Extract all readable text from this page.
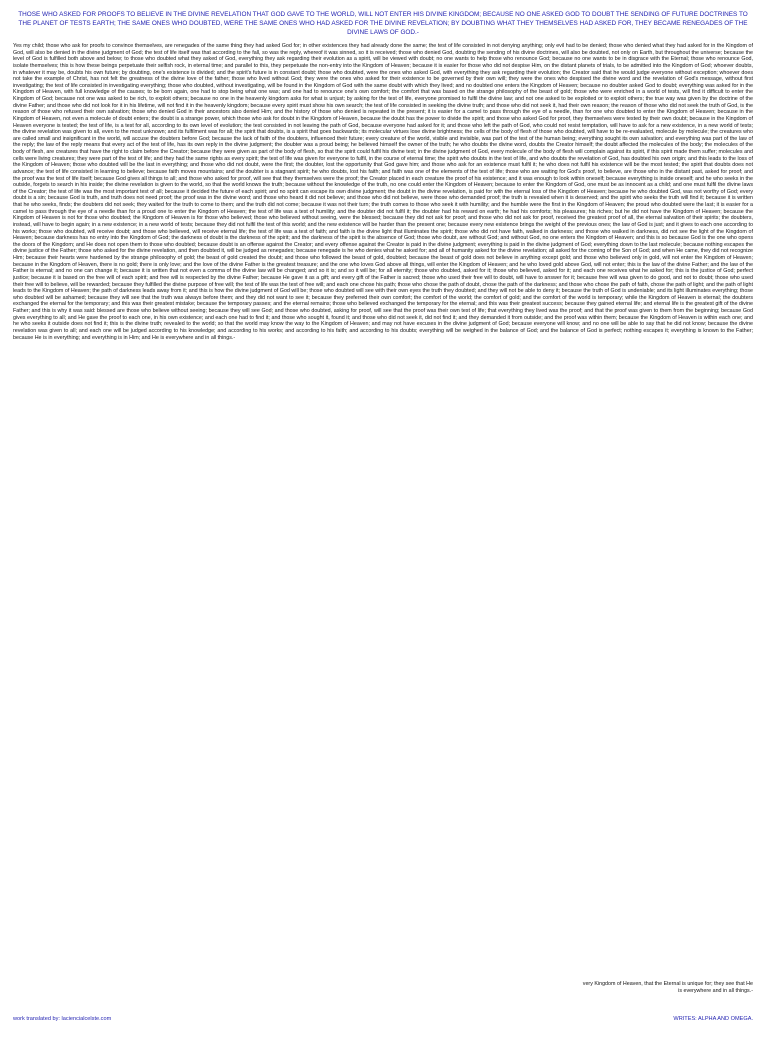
THOSE WHO ASKED FOR PROOFS TO BELIEVE IN THE DIVINE REVELATION THAT GOD GAVE TO THE WORLD, WILL NOT ENTER HIS DIVINE KINGDOM; BECAUSE NO ONE ASKED GOD TO DOUBT THE SENDING OF FUTURE DOCTRINES TO THE PLANET OF TESTS EARTH; THE SAME ONES WHO DOUBTED, WERE THE SAME ONES WHO HAD ASKED FOR THE DIVINE REVELATION; BY DOUBTING WHAT THEY THEMSELVES HAD ASKED FOR, THEY BECAME RENEGADES OF THE DIVINE LAWS OF GOD.-

Yes my child; those who ask for proofs to convince themselves, are renegades of the same thing they had asked God for; in other existences they had already done the same; the test of life consisted in not denying anything; only evil had to be denied; those who denied what they had asked for in the Kingdom of God, will also be denied in the divine judgment of God; the test of life itself was that according to the fall, so was the reply, whereof it was sinned, so it is received; those who denied God, doubting the sending of his divine doctrines, will also be doubted, not only on Earth, but throughout the universe; because the level of God is fulfilled both above and below; to those who doubted what they asked of God, everything they ask regarding their evolution as a spirit, will be viewed with doubt; no one wants to help those who renounce God; because no one wants to be in disgrace with the Eternal; those who renounce God, isolate themselves; this is how these beings perpetuate their selfish rock, in eternal time; and parallel to this, they perpetuate the non-entry into the Kingdom of Heaven; because it is easier for those who did not despise Him, on the distant planets of trials, to be admitted into the Kingdom of God; whoever doubts, in whatever it may be, doubts his own future; by doubting, one's existence is divided; and the spirit's future is in constant doubt; those who doubted, were the ones who asked God, with everything they ask regarding their evolution; the Creator said that he would judge everyone without exception; whoever does not take the example of Christ, has not felt the greatness of the divine love of the father; those who lived without God; they were the ones who asked for their existence to be governed by their own will; they were the ones who despised the divine word and the revelation of God's message, without first investigating; the test of life consisted in investigating everything; those who doubted, without investigating, will be found in the Kingdom of God with the same doubt with which they lived; and no doubted one enters the Kingdom of Heaven; because no doubter asked God to doubt; everything was asked for in the Kingdom of Heaven, with full knowledge of the causes; to be born again, one had to stop being what one was; and one had to renounce one's own comfort; the comfort that was based on the strange philosophy of the beast of gold; those who were enriched in a world of tests, will find it difficult to enter the Kingdom of God; because not one was asked to be rich, to exploit others; because no one in the heavenly kingdom asks for what is unjust; by asking for the test of life, everyone promised to fulfil the divine law; and not one asked to be exploited or to exploit others; the true way was given by the doctrine of the divine Father; and those who did not look for it in his lifetime, will not find it in the heavenly kingdom; because every spirit must show his own search; the test of life consisted in seeking the divine truth; and those who did not seek it, had their own reason; the reason of those who did not seek the truth of God, is the reason of those who refused their own salvation; those who denied God in their ancestors also denied Him; and the history of those who denied is repeated in the present; it is easier for a camel to pass through the eye of a needle, than for one who doubted to enter the Kingdom of Heaven; because in the Kingdom of Heaven, not even a molecule of doubt enters; the doubt is a strange power, which those who ask for doubt in the Kingdom of Heaven, because the doubt has the power to divide the spirit; and those who asked God for proof, they themselves were tested by their own doubt; because in the Kingdom of Heaven everyone is tested; the test of life, is a test for all, according to its own level of evolution; the test consisted in not leaving the path of God, because everyone had asked for it; and those who left the path of God, who could not resist temptation, will have to ask for a new existence, in a new world of tests; the divine revelation was given to all, even to the most unknown; and its fulfilment was for all; the spirit that doubts, is a spirit that goes backwards; its molecular virtues lose divine brightness; the cells of the body of flesh of those who doubted, will have to be re-evaluated, molecule by molecule; the creatures who are called small and insignificant in the world, will accuse the doubters before God; because the lack of faith of the doubters, influenced their future; every creature of the world, visible and invisible, was part of the test of the human being; everything sought its own salvation; and everything was part of the law of the reply; the law of the reply means that every act of the test of life, has its own reply in the divine judgment; the doubter was a proud being; he believed himself the owner of the truth; he who doubts the divine word, doubts the Creator himself; the doubt affected the molecules of the body; the molecules of the body of flesh, are creatures that have the right to claim before the Creator; because they were given as part of the body of flesh, so that the spirit could fulfil his divine test; in the divine judgment of God, every molecule of the body of flesh will complain against its spirit, if this spirit made them suffer; molecules and cells were living creatures; they were part of the test of life; and they had the same rights as every spirit; the test of life was given for everyone to fulfil, in the course of eternal time; the spirit who doubts in the test of life, and who doubts the revelation of God, has doubted his own origin; and this leads to the loss of the Kingdom of Heaven; those who doubted will be the last in everything; and those who did not doubt, were the first; the doubter, lost the opportunity that God gave him; and those who ask for an existence must fulfil it; he who does not fulfil his existence will be the most tested; the spirit that doubts does not advance; the test of life consisted in learning to believe; because faith moves mountains; and the doubter is a stagnant spirit; he who doubts, lost his faith; and faith was one of the elements of the test of life; those who are waiting for God's proof, to believe, are those who in the distant past, asked for proof; and the proof was the test of life itself; because God gives all things to all; and those who asked for proof, will see that they themselves were the proof; the Creator placed in each creature the proof of his existence; and it was enough to look within oneself; because everything is inside oneself; and he who seeks in the outside, forgets to search in his inside; the divine revelation is given to the world, so that the world knows the truth; because without the knowledge of the truth, no one could enter the Kingdom of Heaven; because to enter the Kingdom of God, one must be as innocent as a child; and one must fulfil the divine laws of the Creator; the test of life was the most important test of all; because it decided the future of each spirit; and no spirit can escape its own divine judgment; the doubt in the divine revelation, is paid for with the eternal loss of the Kingdom of Heaven; because he who doubted God, was not worthy of God; every doubt is a sin; because God is truth, and truth does not need proof; the proof was in the divine word; and those who heard it did not believe; and those who did not believe, were those who demanded proof; the truth is revealed when it is deserved; and the spirit who seeks the truth will find it; because it is written that he who seeks, finds; the doubters did not seek; they waited for the truth to come to them; and the truth did not come; because it was not their turn; the truth comes to those who seek it with humility; and the humble were the first in the Kingdom of Heaven; the proud who doubted were the last; it is easier for a camel to pass through the eye of a needle than for a proud one to enter the Kingdom of Heaven; the test of life was a test of humility; and the doubter did not fulfil it; the doubter had his reward on earth; he had his comforts; his pleasures; his riches; but he did not have the Kingdom of Heaven; because the Kingdom of Heaven is not for those who doubted; the Kingdom of Heaven is for those who believed; those who believed without seeing, were the blessed; because they did not ask for proof; and those who did not ask for proof, received the greatest proof of all, the eternal salvation of their spirits; the doubters, instead, will have to begin again; in a new existence; in a new world of tests; because they did not fulfil the test of this world; and the new existence will be harder than the present one; because every new existence brings the weight of the previous ones; the law of God is just; and it gives to each one according to his works; those who doubted, will receive doubt; and those who believed, will receive eternal life; the test of life was a test of faith; and faith is the divine light that illuminates the spirit; those who did not have faith, walked in darkness; and those who walked in darkness, did not see the light of the Kingdom of Heaven; because darkness has no entry into the Kingdom of God; the darkness of doubt is the darkness of the spirit; and the darkness of the spirit is the absence of God; those who doubt, are without God; and without God, no one enters the Kingdom of Heaven; and this is so because God is the one who opens the doors of the Kingdom; and He does not open them to those who doubted; because doubt is an offense against the Creator; and every offense against the Creator is paid in the divine judgment; everything is paid in the divine judgment of God; everything down to the last molecule; because nothing escapes the divine justice of the Father; those who asked for the divine revelation, and then doubted it, will be judged as renegades; because renegade is he who denies what he asked for; and all of humanity asked for the divine revelation; all asked for the coming of the Son of God; and when He came, they did not recognize Him; because their hearts were hardened by the strange philosophy of gold; the beast of gold created the doubt; and those who followed the beast of gold, doubted; because the beast of gold does not believe in anything except gold; and those who believed only in gold, will not enter the Kingdom of Heaven; because in the Kingdom of Heaven, there is no gold; there is only love; and the love of the divine Father is the greatest treasure; and the one who loves God above all things, will enter the Kingdom of Heaven; and he who loved gold above God, will not enter; this is the law of the divine Father; and the law of the Father is eternal; and no one can change it; because it is written that not even a comma of the divine law will be changed; and so it is; and so it will be; for all eternity; those who doubted, asked for it; those who believed, asked for it; and each one receives what he asked for; this is the justice of God; perfect justice; because it is based on the free will of each spirit; and free will is respected by the divine Father; because He gave it as a gift; and every gift of the Father is sacred; those who used their free will to doubt, will have to answer for it; because free will was given to do good, and not to doubt; those who used their free will to believe, will be rewarded; because they fulfilled the divine purpose of free will; the test of life was the test of free will; and each one chose his path; those who chose the path of doubt, chose the path of the darkness; and those who chose the path of faith, chose the path of light; and the path of light leads to the Kingdom of Heaven; the path of darkness leads away from it; and this is how the divine judgment of God will be; those who doubted will see with their own eyes the truth they doubted; and they will not be able to deny it; because the truth of God is undeniable; and its light illuminates everything; those who doubted will be ashamed; because they will see that the truth was always before them; and they did not want to see it; because they preferred their own comfort; the comfort of the world; the comfort of gold; and the comfort of the world is temporary; while the Kingdom of Heaven is eternal; the doubters exchanged the eternal for the temporary; and this was their greatest mistake; because the temporary passes; and the eternal remains; those who believed exchanged the temporary for the eternal; and this was their greatest success; because they gained eternal life; and eternal life is the greatest gift of the divine Father; and this is why it was said: blessed are those who believe without seeing; because they will see God; and those who doubted, asking for proof, will see that the proof was their own test of life; that everything they lived was the proof; and that the proof was given to them from the beginning; because God gives everything to all; and He gave the proof to each one, in his own existence; and each one had to find it; and those who sought it, found it; and those who did not seek it, did not find it; and they demanded it from outside; and the proof was within them; because the Kingdom of Heaven is within each one; and he who seeks it outside does not find it; this is the divine truth; revealed to the world; so that the world may know the way to the Kingdom of Heaven; and may not have excuses in the divine judgment of God; because everyone will know; and no one will be able to say that he did not know; because the divine revelation was given to all; and each one will be judged according to his knowledge; and according to his works; and according to his faith; and according to his doubts; everything will be weighed in the balance of God; and the balance of God is perfect; nothing escapes it; everything is known to the Father; because He is in everything; and everything is in Him; and He is everywhere and in all things.-

very Kingdom of Heaven, that the Eternal is unique for; they see that He

is everywhere and in all things.-

work translated by: laciencialcelste.com	WRITES: ALPHA AND OMEGA.
